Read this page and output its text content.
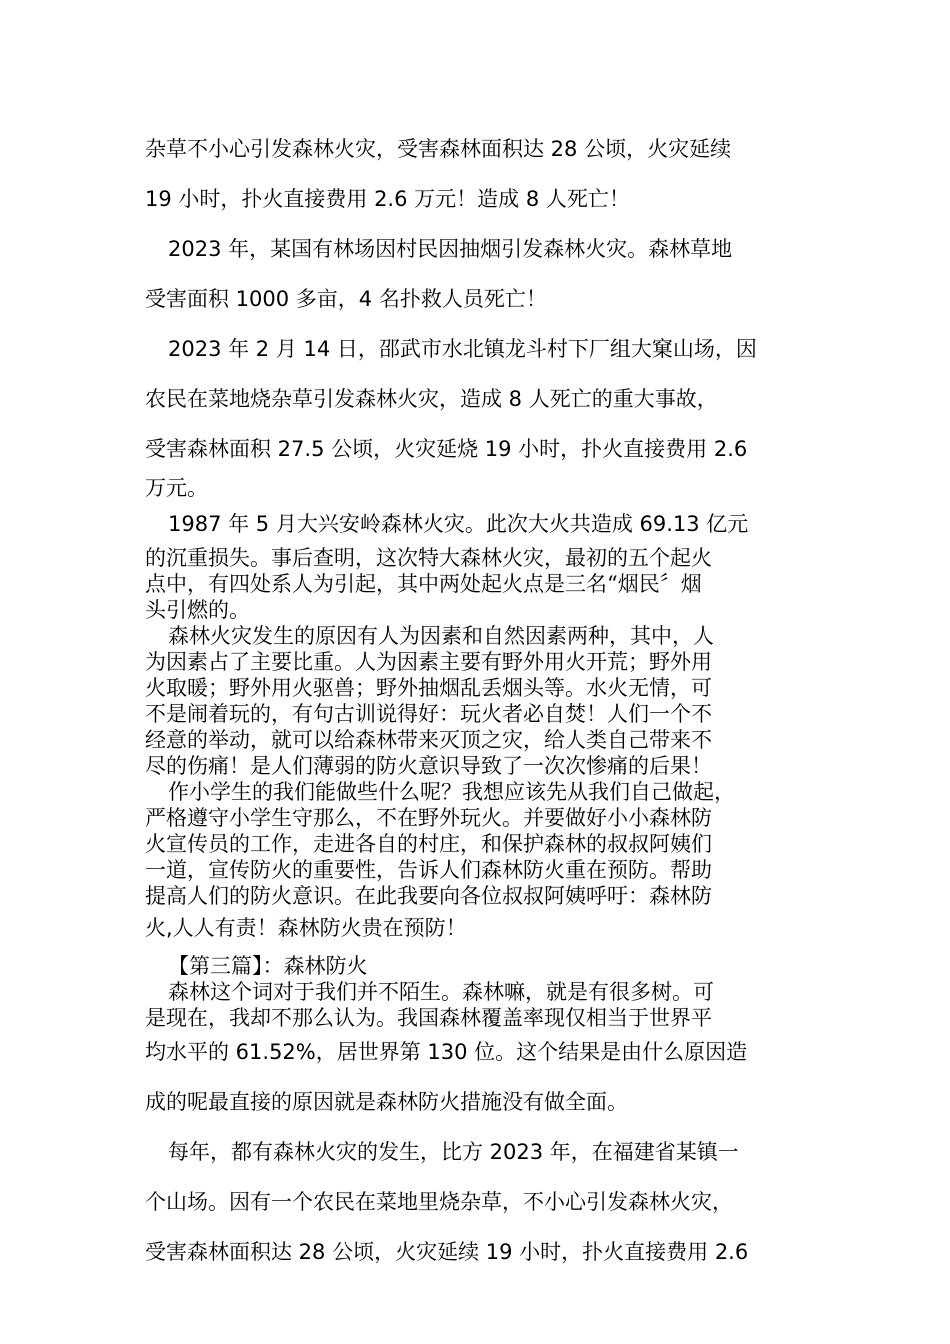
杂草不小心引发森林火灾，受害森林面积达 28 公顷，火灾延续
19 小时，扑火直接费用 2.6 万元！造成 8 人死亡！
2023 年，某国有林场因村民因抽烟引发森林火灾。森林草地
受害面积 1000 多亩，4 名扑救人员死亡！
2023 年 2 月 14 日，邵武市水北镇龙斗村下厂组大窠山场，因
农民在菜地烧杂草引发森林火灾，造成 8 人死亡的重大事故，
受害森林面积 27.5 公顷，火灾延烧 19 小时，扑火直接费用 2.6
万元。
1987 年 5 月大兴安岭森林火灾。此次大火共造成 69.13 亿元
的沉重损失。事后查明，这次特大森林火灾，最初的五个起火
点中，有四处系人为引起，其中两处起火点是三名“烟民〞烟
头引燃的。
森林火灾发生的原因有人为因素和自然因素两种，其中，人
为因素占了主要比重。人为因素主要有野外用火开荒；野外用
火取暖；野外用火驱兽；野外抽烟乱丢烟头等。水火无情，可
不是闹着玩的，有句古训说得好：玩火者必自焚！人们一个不
经意的举动，就可以给森林带来灭顶之灾，给人类自己带来不
尽的伤痛！是人们薄弱的防火意识导致了一次次惨痛的后果！
作小学生的我们能做些什么呢？我想应该先从我们自己做起，
严格遵守小学生守那么，不在野外玩火。并要做好小小森林防
火宣传员的工作，走进各自的村庄，和保护森林的叔叔阿姨们
一道，宣传防火的重要性，告诉人们森林防火重在预防。帮助
提高人们的防火意识。在此我要向各位叔叔阿姨呼吁：森林防
火,人人有责！森林防火贵在预防！
【第三篇】：森林防火
森林这个词对于我们并不陌生。森林嘛，就是有很多树。可
是现在，我却不那么认为。我国森林覆盖率现仅相当于世界平
均水平的 61.52%，居世界第 130 位。这个结果是由什么原因造
成的呢最直接的原因就是森林防火措施没有做全面。
每年，都有森林火灾的发生，比方 2023 年，在福建省某镇一
个山场。因有一个农民在菜地里烧杂草，不小心引发森林火灾，
受害森林面积达 28 公顷，火灾延续 19 小时，扑火直接费用 2.6
